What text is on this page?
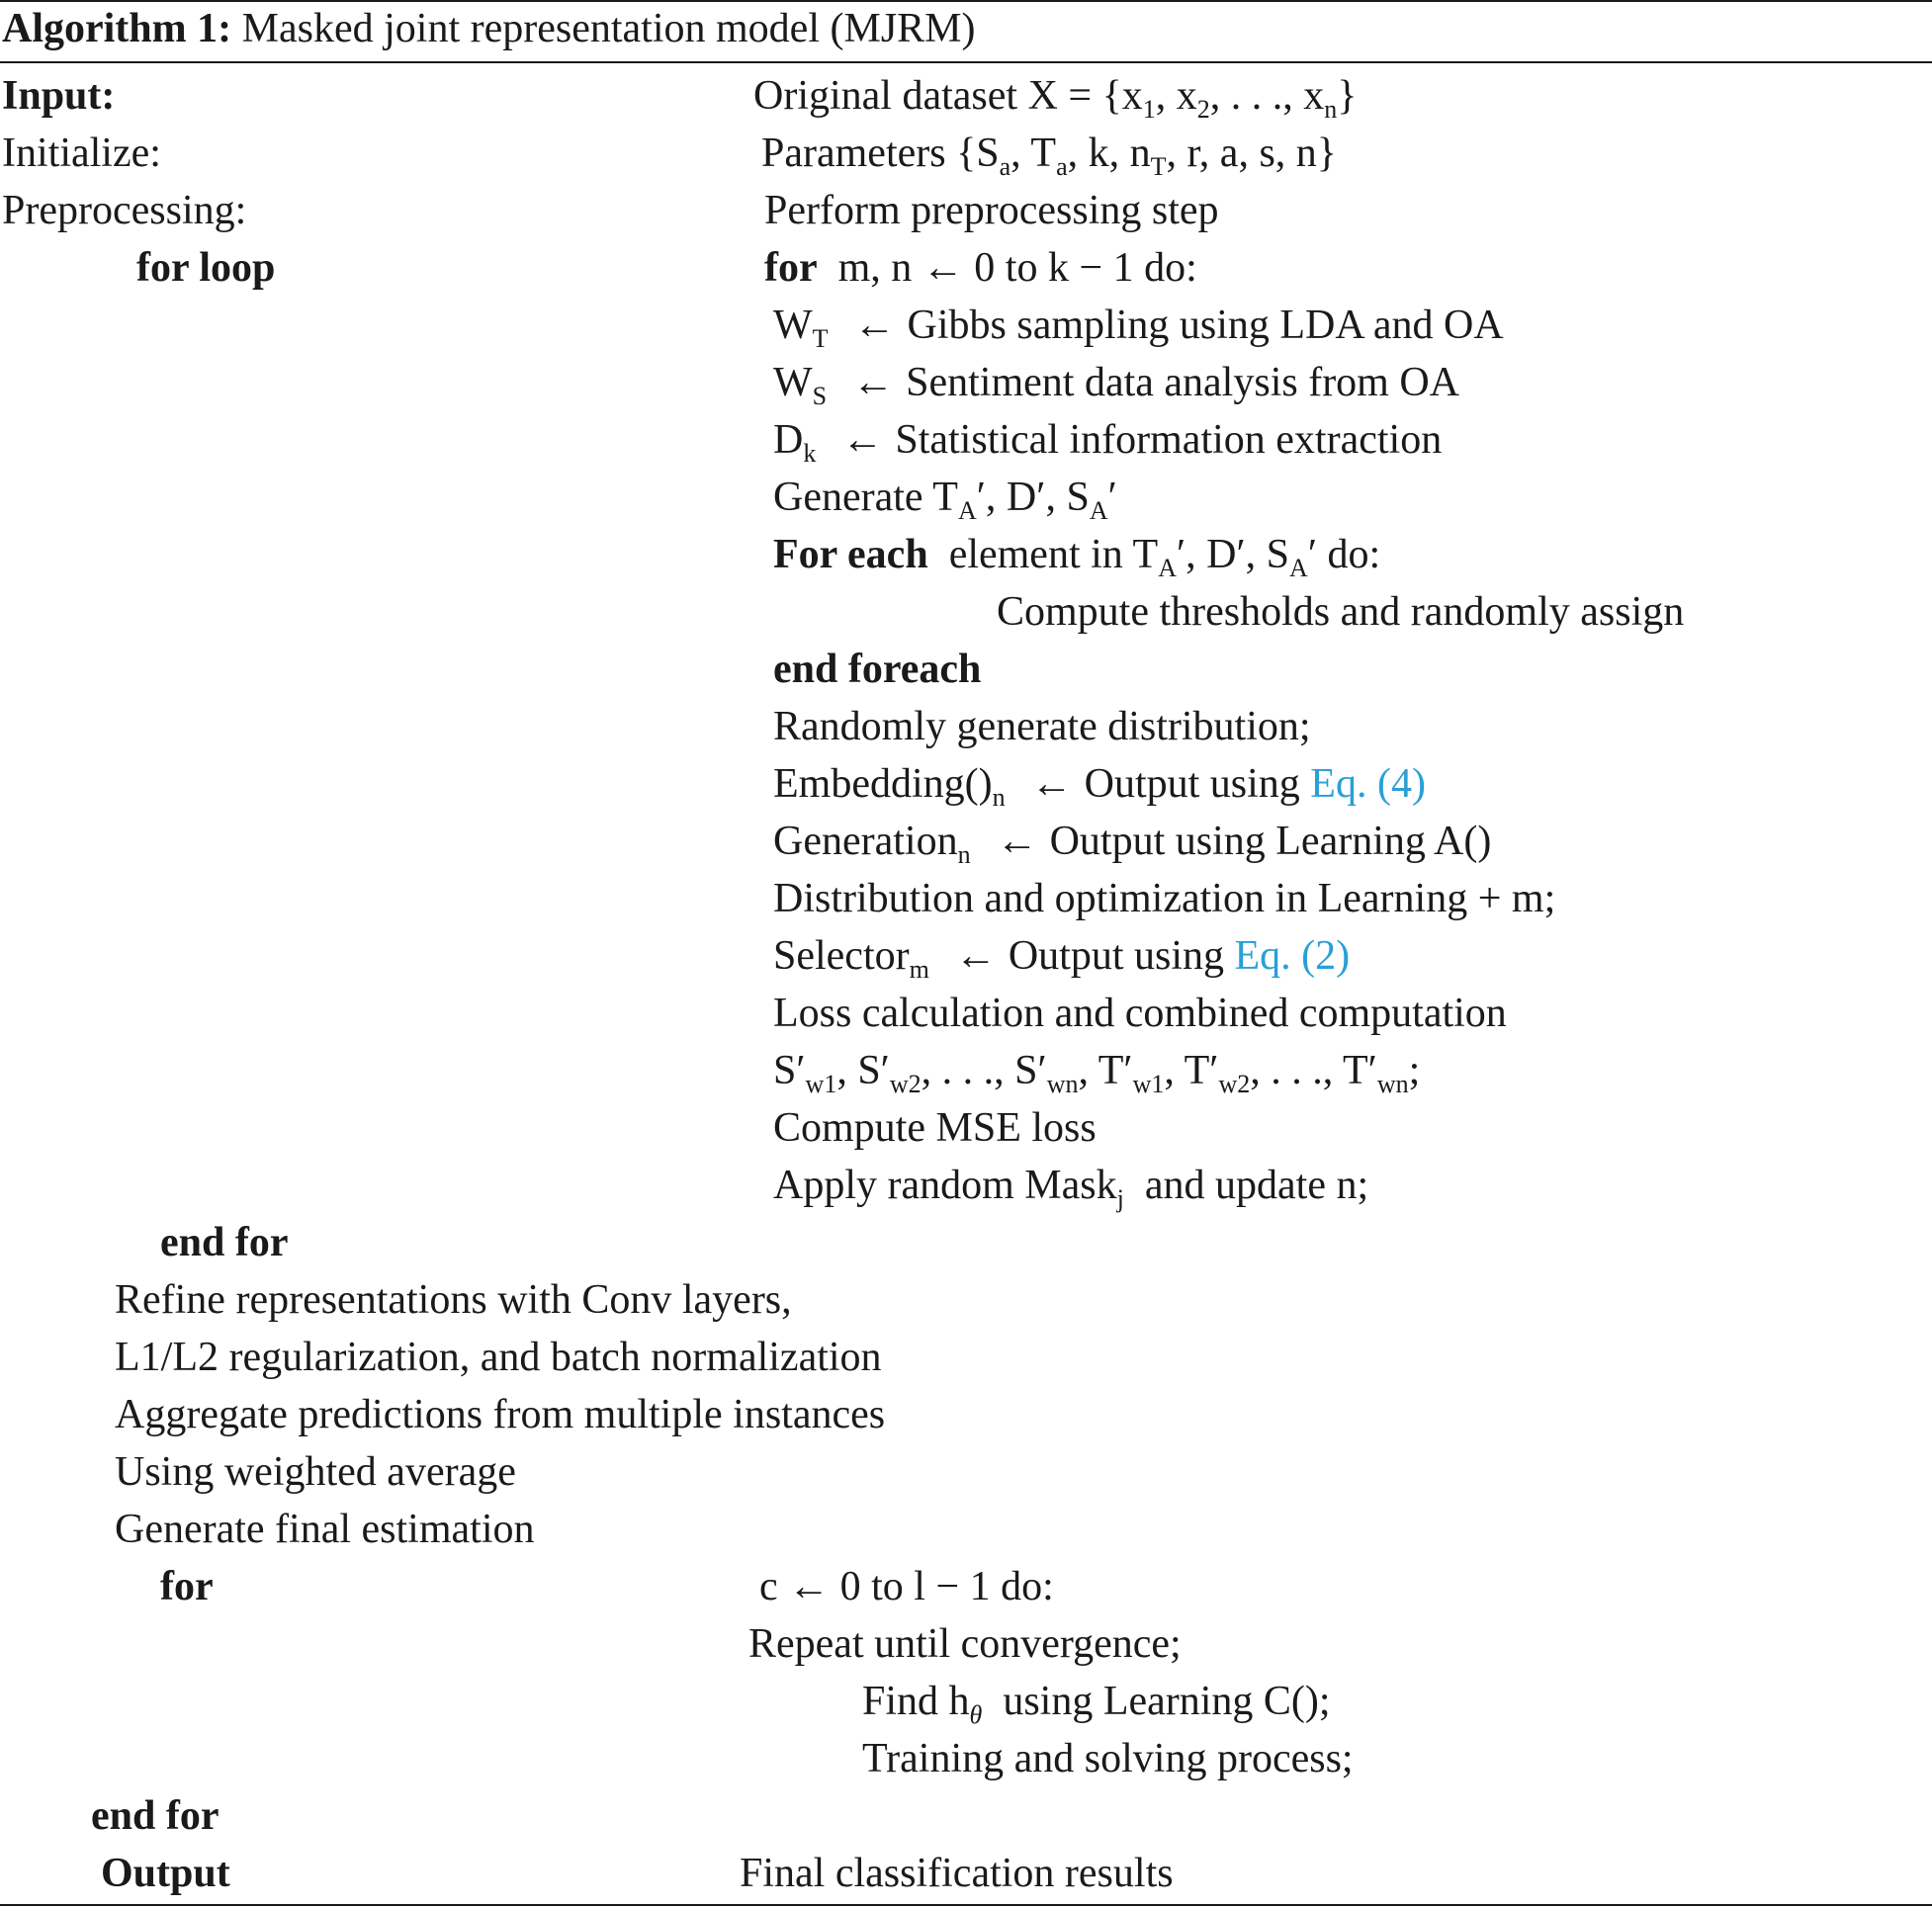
Algorithm 1: Masked joint representation model (MJRM)
Input:	Original dataset $X = \{x_1$, $x_2$, . . ., $x_n$}
Initialize:	Parameters {$S_a$, $T_a$, k, $n_T$, r, a, s, n}
Preprocessing:	Perform preprocessing step
for loop	for m, n ← 0 to k − 1 do:
$W_T$ ← Gibbs sampling using LDA and OA
$W_S$ ← Sentiment data analysis from OA
$D_k$ ← Statistical information extraction
Generate $T_A'$, D′, $S_A'$
For each element in $T_A'$, D′, $S_A'$ do:
Compute thresholds and randomly assign
end foreach
Randomly generate distribution;
$Embedding()_n$ ← Output using Eq. (4)
Generation$_n$ ← Output using Learning A()
Distribution and optimization in Learning + m;
Selector$_m$ ← Output using Eq. (2)
Loss calculation and combined computation
$S'_{w1}$, $S'_{w2}$, . . ., $S'_{wn}$, $T'_{w1}$, $T'_{w2}$, . . ., $T'_{wn}$;
Compute MSE loss
Apply random Mask$_j$ and update n;
end for
Refine representations with Conv layers,
L1/L2 regularization, and batch normalization
Aggregate predictions from multiple instances
Using weighted average
Generate final estimation
for	c ← 0 to l − 1 do:
Repeat until convergence;
Find $h_\theta$ using Learning C();
Training and solving process;
end for
Output	Final classification results
